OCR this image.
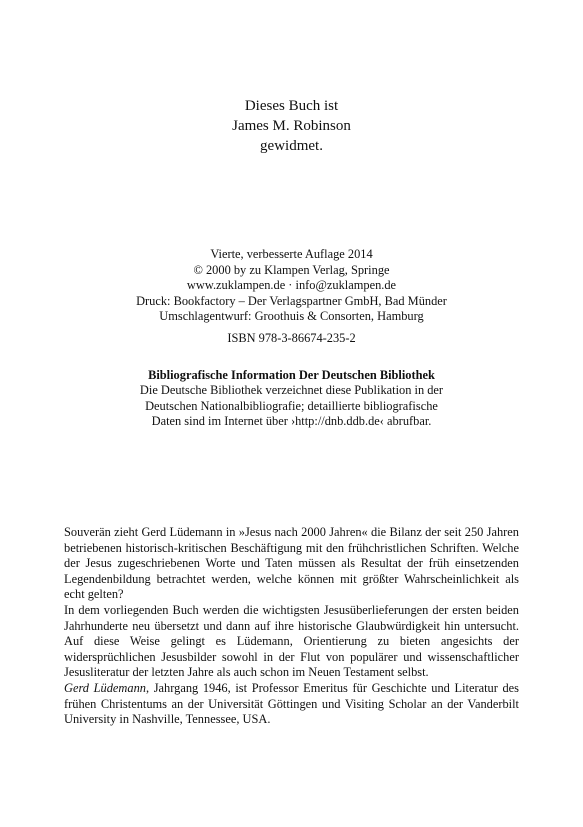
Dieses Buch ist
James M. Robinson
gewidmet.
Vierte, verbesserte Auflage 2014
© 2000 by zu Klampen Verlag, Springe
www.zuklampen.de · info@zuklampen.de
Druck: Bookfactory – Der Verlagspartner GmbH, Bad Münder
Umschlagentwurf: Groothuis & Consorten, Hamburg
ISBN 978-3-86674-235-2
Bibliografische Information Der Deutschen Bibliothek
Die Deutsche Bibliothek verzeichnet diese Publikation in der
Deutschen Nationalbibliografie; detaillierte bibliografische
Daten sind im Internet über ›http://dnb.ddb.de‹ abrufbar.

Souverän zieht Gerd Lüdemann in »Jesus nach 2000 Jahren« die Bilanz der seit 250 Jahren betriebenen historisch-kritischen Beschäftigung mit den frühchristlichen Schriften. Welche der Jesus zugeschriebenen Worte und Taten müssen als Resultat der früh einsetzenden Legendenbildung betrachtet werden, welche können mit größter Wahrscheinlichkeit als echt gelten?

In dem vorliegenden Buch werden die wichtigsten Jesusüberlieferungen der ersten beiden Jahrhunderte neu übersetzt und dann auf ihre historische Glaubwürdigkeit hin untersucht. Auf diese Weise gelingt es Lüdemann, Orientierung zu bieten angesichts der widersprüchlichen Jesusbilder sowohl in der Flut von populärer und wissenschaftlicher Jesusliteratur der letzten Jahre als auch schon im Neuen Testament selbst.

Gerd Lüdemann, Jahrgang 1946, ist Professor Emeritus für Geschichte und Literatur des frühen Christentums an der Universität Göttingen und Visiting Scholar an der Vanderbilt University in Nashville, Tennessee, USA.
